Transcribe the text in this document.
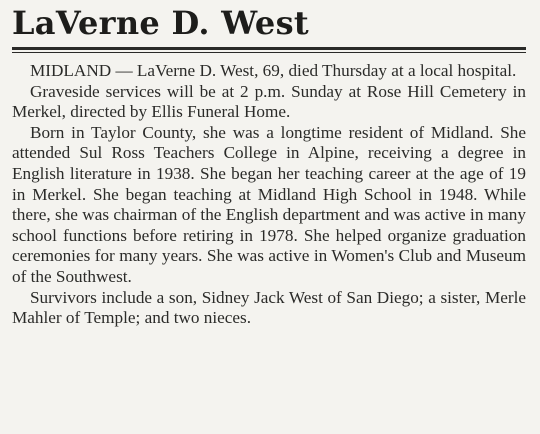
LaVerne D. West

MIDLAND — LaVerne D. West, 69, died Thursday at a local hospital.

Graveside services will be at 2 p.m. Sunday at Rose Hill Cemetery in Merkel, directed by Ellis Funeral Home.

Born in Taylor County, she was a longtime resident of Midland. She attended Sul Ross Teachers College in Alpine, receiving a degree in English literature in 1938. She began her teaching career at the age of 19 in Merkel. She began teaching at Midland High School in 1948. While there, she was chairman of the English department and was active in many school functions before retiring in 1978. She helped organize graduation ceremonies for many years. She was active in Women's Club and Museum of the Southwest.

Survivors include a son, Sidney Jack West of San Diego; a sister, Merle Mahler of Temple; and two nieces.
